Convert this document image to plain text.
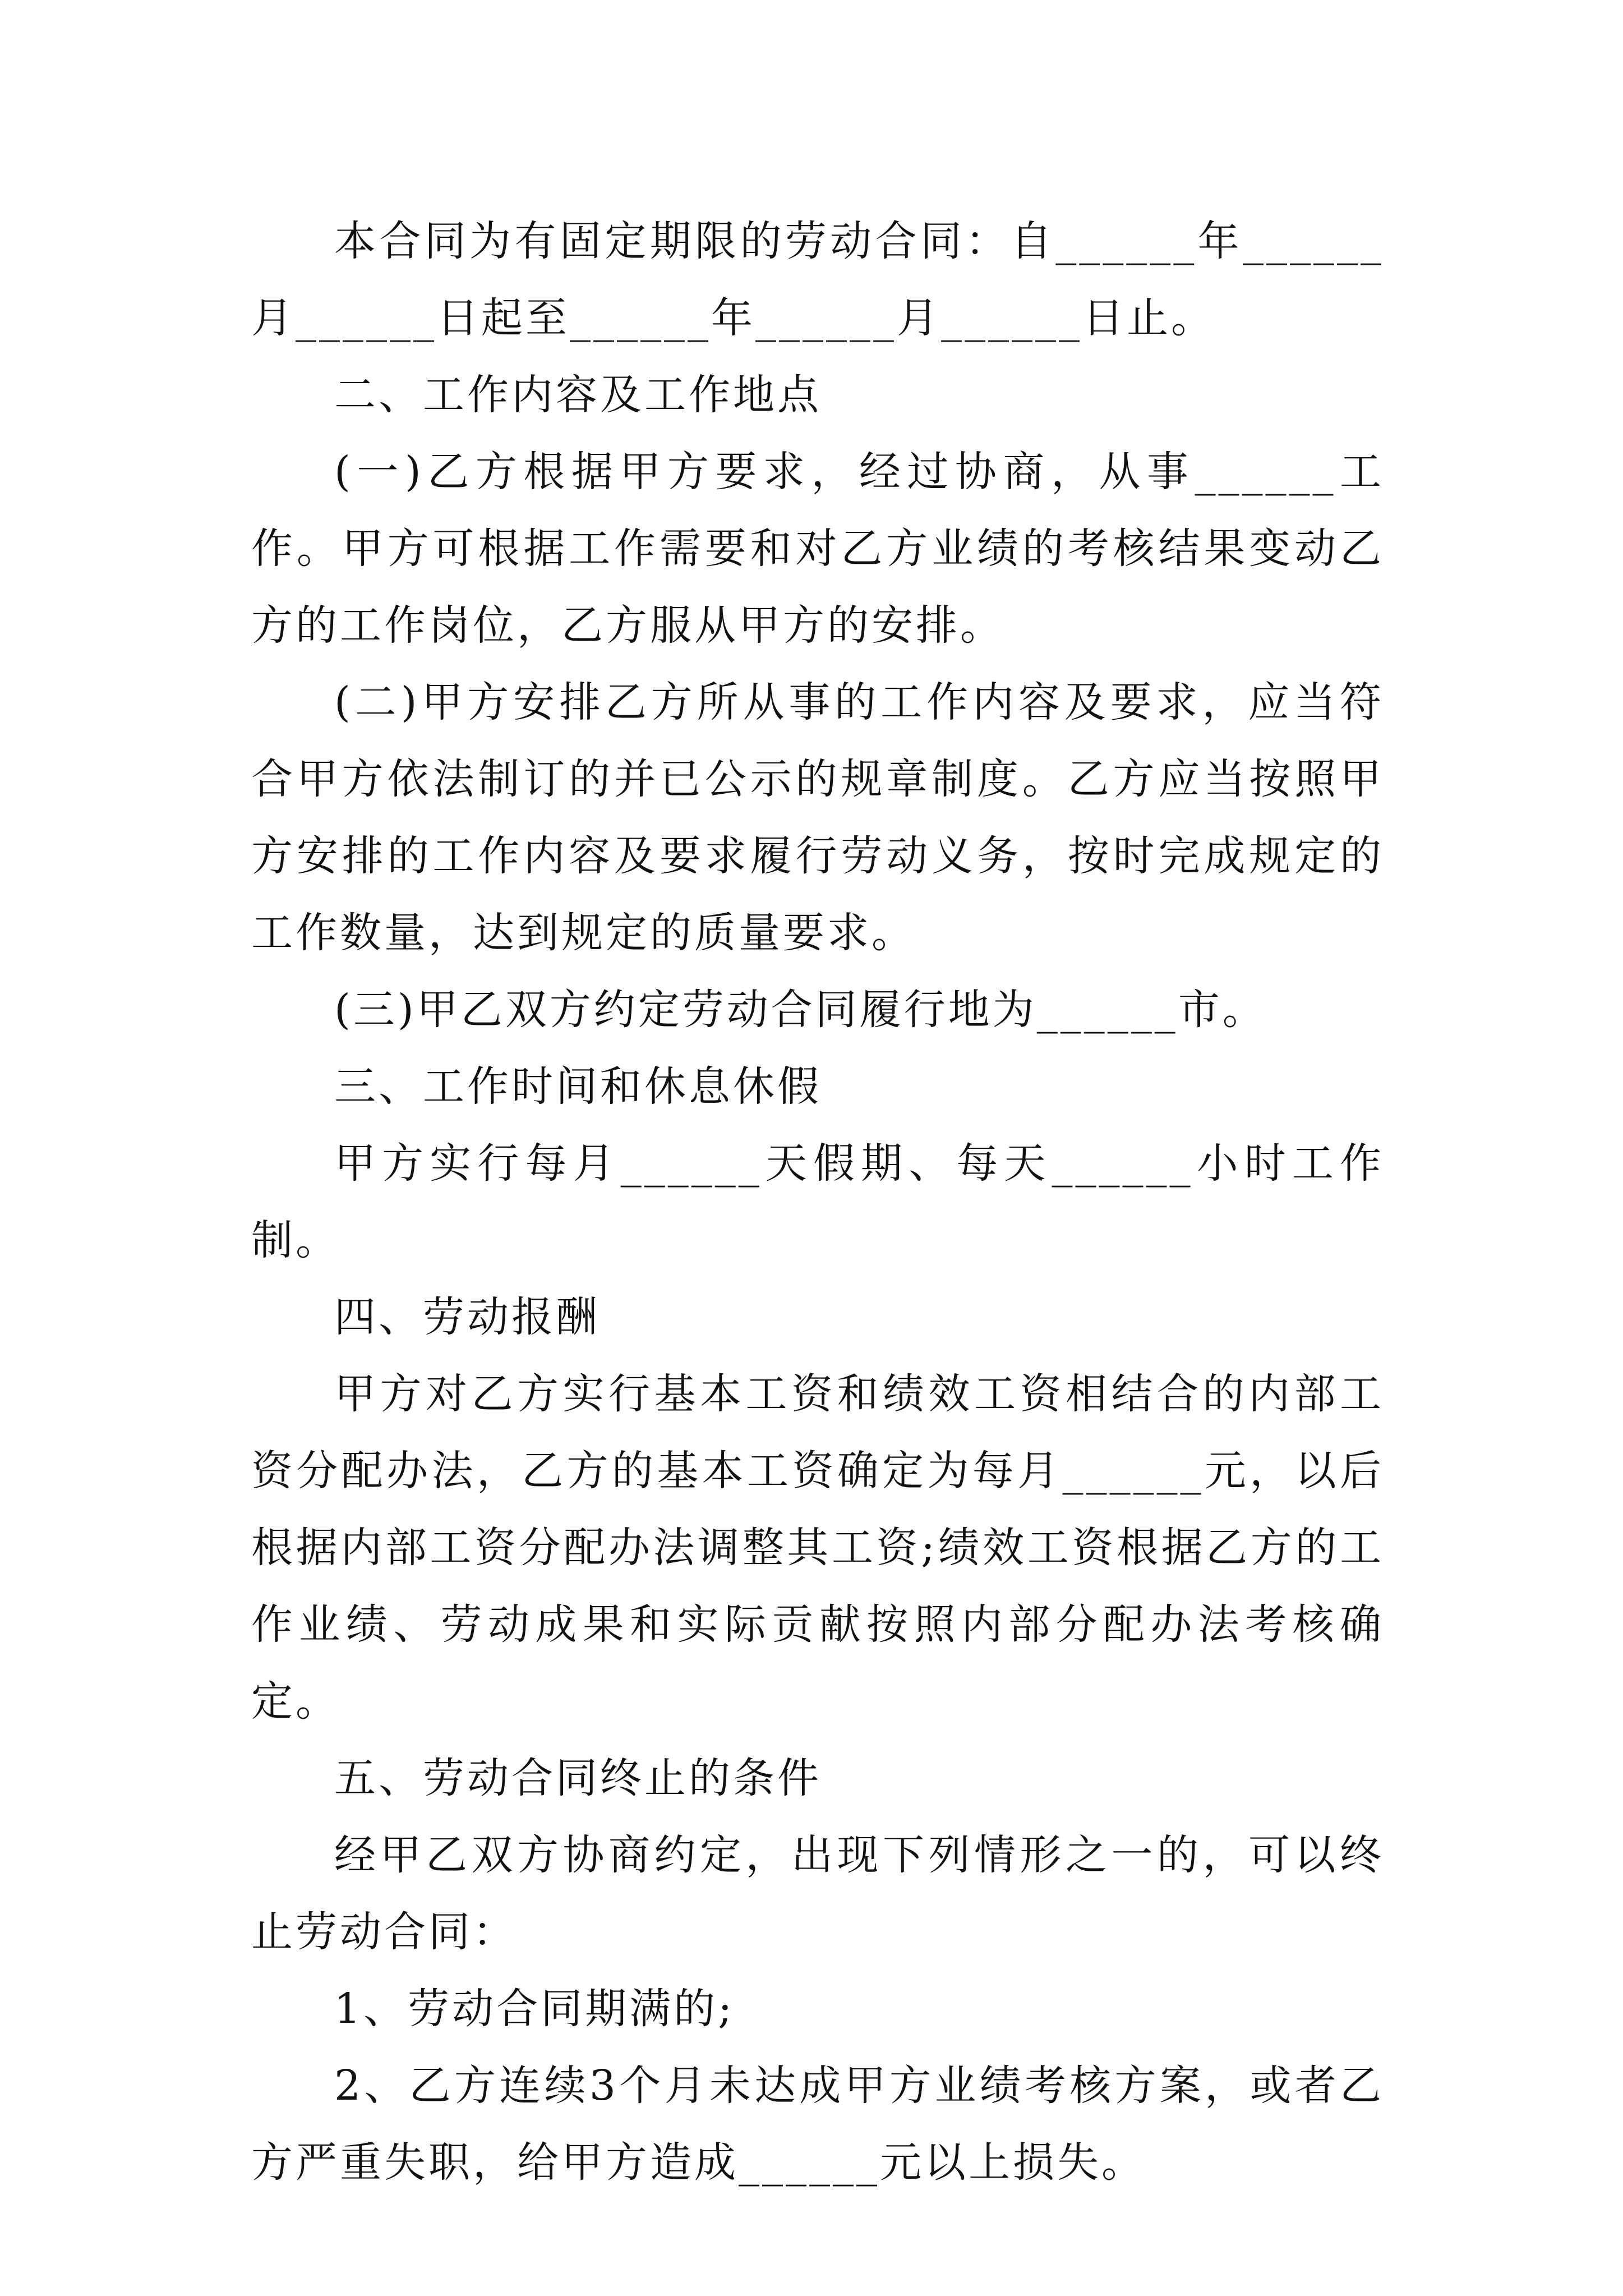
本合同为有固定期限的劳动合同：自______年______月______日起至______年______月______日止。

二、工作内容及工作地点

(一)乙方根据甲方要求，经过协商，从事______工作。甲方可根据工作需要和对乙方业绩的考核结果变动乙方的工作岗位，乙方服从甲方的安排。

(二)甲方安排乙方所从事的工作内容及要求，应当符合甲方依法制订的并已公示的规章制度。乙方应当按照甲方安排的工作内容及要求履行劳动义务，按时完成规定的工作数量，达到规定的质量要求。

(三)甲乙双方约定劳动合同履行地为______市。

三、工作时间和休息休假

甲方实行每月______天假期、每天______小时工作制。

四、劳动报酬

甲方对乙方实行基本工资和绩效工资相结合的内部工资分配办法，乙方的基本工资确定为每月______元，以后根据内部工资分配办法调整其工资;绩效工资根据乙方的工作业绩、劳动成果和实际贡献按照内部分配办法考核确定。

五、劳动合同终止的条件

经甲乙双方协商约定，出现下列情形之一的，可以终止劳动合同：

1、劳动合同期满的;

2、乙方连续3个月未达成甲方业绩考核方案，或者乙方严重失职，给甲方造成______元以上损失。
